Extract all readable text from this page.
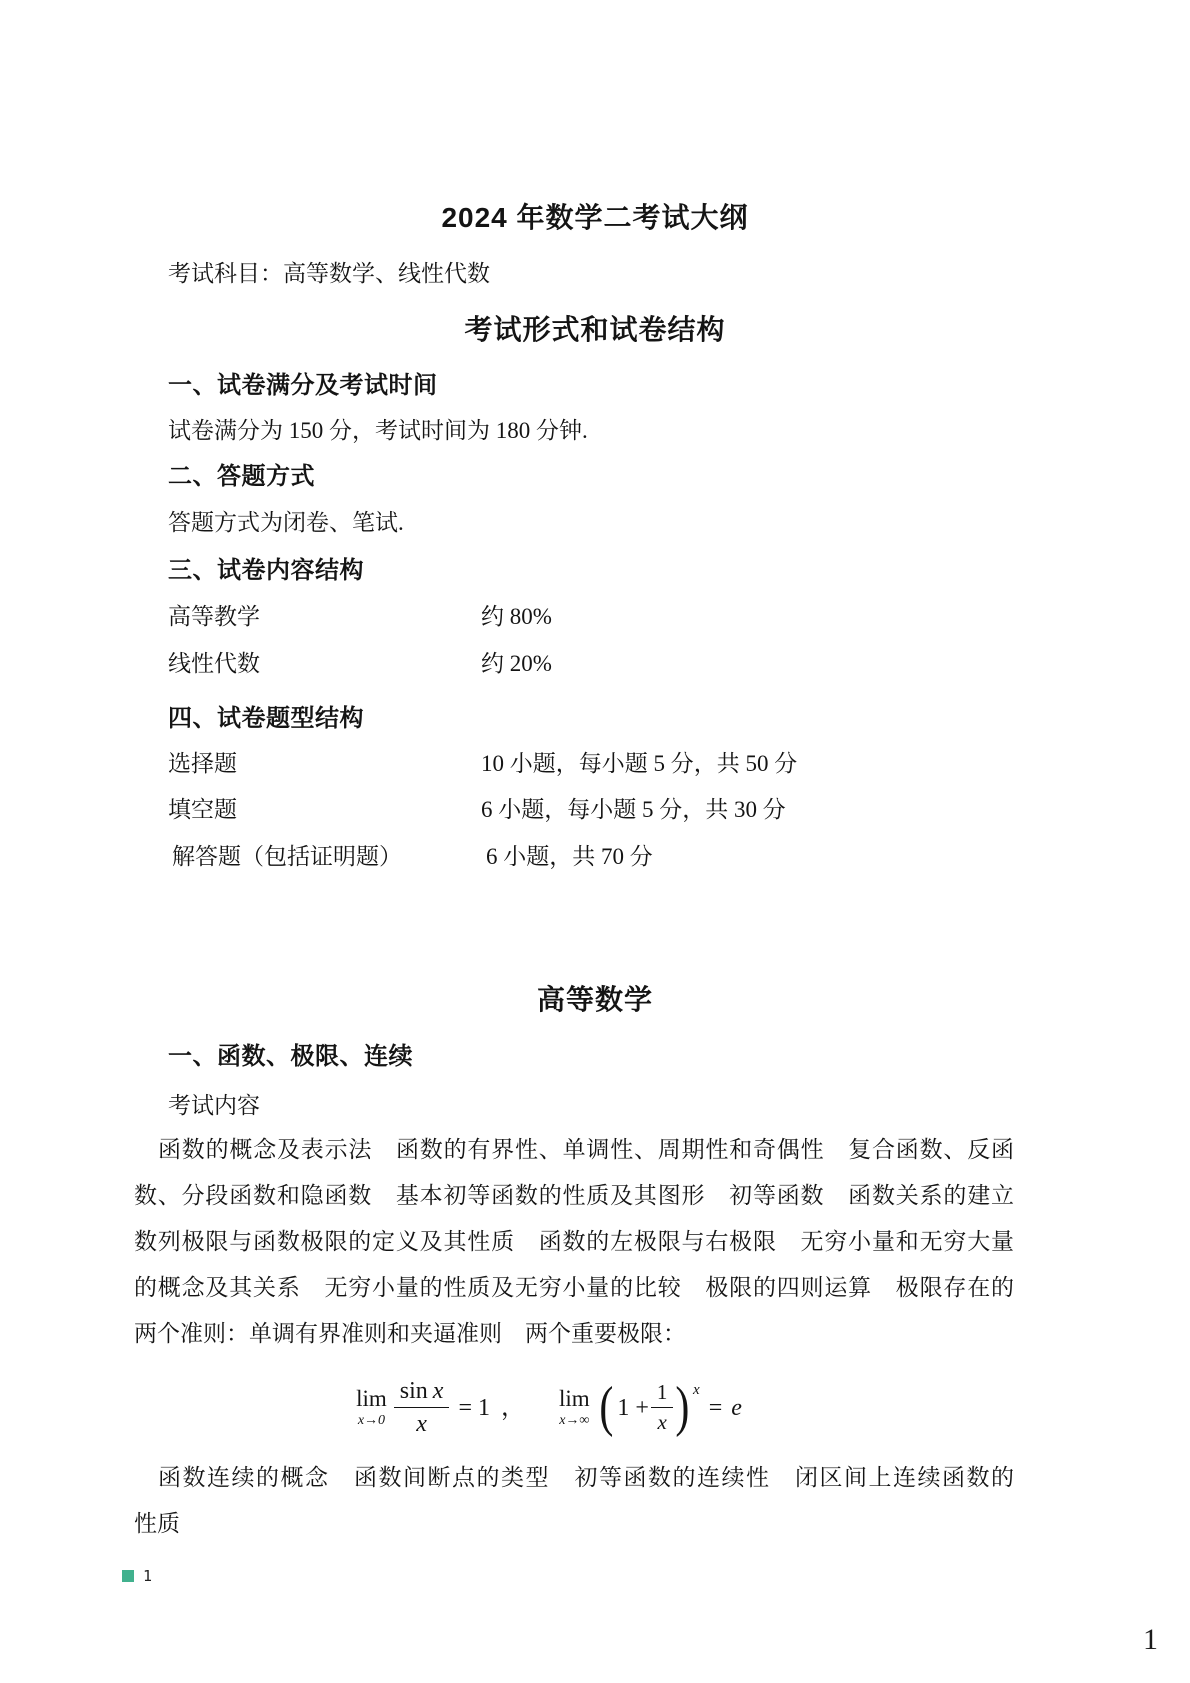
2024 年数学二考试大纲
考试科目：高等数学、线性代数
考试形式和试卷结构
一、试卷满分及考试时间
试卷满分为 150 分，考试时间为 180 分钟.
二、答题方式
答题方式为闭卷、笔试.
三、试卷内容结构
高等教学	约 80%
线性代数	约 20%
四、试卷题型结构
选择题	10 小题，每小题 5 分，共 50 分
填空题	6 小题，每小题 5 分，共 30 分
解答题（包括证明题）	6 小题，共 70 分
高等数学
一、函数、极限、连续
考试内容
函数的概念及表示法　函数的有界性、单调性、周期性和奇偶性　复合函数、反函
数、分段函数和隐函数　基本初等函数的性质及其图形　初等函数　函数关系的建立
数列极限与函数极限的定义及其性质　函数的左极限与右极限　无穷小量和无穷大量
的概念及其关系　无穷小量的性质及无穷小量的比较　极限的四则运算　极限存在的
两个准则：单调有界准则和夹逼准则　两个重要极限：
lim
$x\to 0 \frac{\text{sin x}}{x} = 1$ ， lim
x→∞ ( $1 + \frac{1}{x}$ ) x
= e
函数连续的概念　函数间断点的类型　初等函数的连续性　闭区间上连续函数的
性质
1
1
